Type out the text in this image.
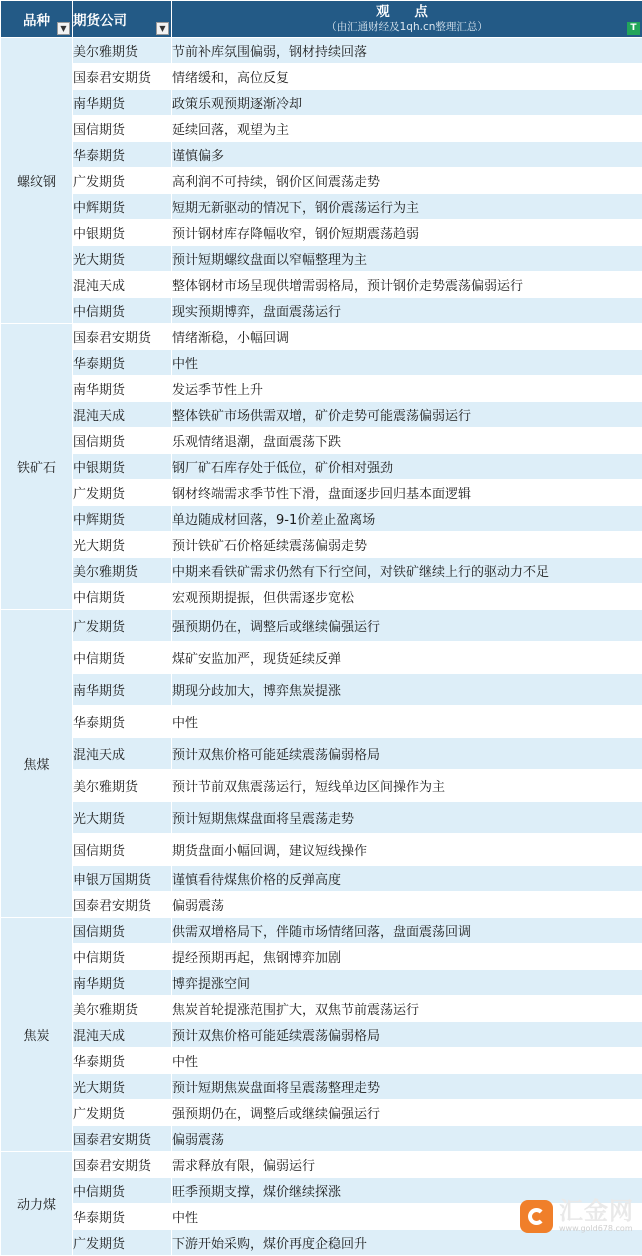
品种 ▼	期货公司 ▼	观 点
（由汇通财经及1qh.cn整理汇总） T

螺纹钢	美尔雅期货	节前补库氛围偏弱，钢材持续回落
	国泰君安期货	情绪缓和，高位反复
	南华期货	政策乐观预期逐渐冷却
	国信期货	延续回落，观望为主
	华泰期货	谨慎偏多
	广发期货	高利润不可持续，钢价区间震荡走势
	中辉期货	短期无新驱动的情况下，钢价震荡运行为主
	中银期货	预计钢材库存降幅收窄，钢价短期震荡趋弱
	光大期货	预计短期螺纹盘面以窄幅整理为主
	混沌天成	整体钢材市场呈现供增需弱格局，预计钢价走势震荡偏弱运行
	中信期货	现实预期博弈，盘面震荡运行
铁矿石	国泰君安期货	情绪渐稳，小幅回调
	华泰期货	中性
	南华期货	发运季节性上升
	混沌天成	整体铁矿市场供需双增，矿价走势可能震荡偏弱运行
	国信期货	乐观情绪退潮，盘面震荡下跌
	中银期货	钢厂矿石库存处于低位，矿价相对强劲
	广发期货	钢材终端需求季节性下滑，盘面逐步回归基本面逻辑
	中辉期货	单边随成材回落，9-1价差止盈离场
	光大期货	预计铁矿石价格延续震荡偏弱走势
	美尔雅期货	中期来看铁矿需求仍然有下行空间，对铁矿继续上行的驱动力不足
	中信期货	宏观预期提振，但供需逐步宽松
焦煤	广发期货	强预期仍在，调整后或继续偏强运行
	中信期货	煤矿安监加严，现货延续反弹
	南华期货	期现分歧加大，博弈焦炭提涨
	华泰期货	中性
	混沌天成	预计双焦价格可能延续震荡偏弱格局
	美尔雅期货	预计节前双焦震荡运行，短线单边区间操作为主
	光大期货	预计短期焦煤盘面将呈震荡走势
	国信期货	期货盘面小幅回调，建议短线操作
	申银万国期货	谨慎看待煤焦价格的反弹高度
	国泰君安期货	偏弱震荡
焦炭	国信期货	供需双增格局下，伴随市场情绪回落，盘面震荡回调
	中信期货	提经预期再起，焦钢博弈加剧
	南华期货	博弈提涨空间
	美尔雅期货	焦炭首轮提涨范围扩大，双焦节前震荡运行
	混沌天成	预计双焦价格可能延续震荡偏弱格局
	华泰期货	中性
	光大期货	预计短期焦炭盘面将呈震荡整理走势
	广发期货	强预期仍在，调整后或继续偏强运行
	国泰君安期货	偏弱震荡
动力煤	国泰君安期货	需求释放有限，偏弱运行
	中信期货	旺季预期支撑，煤价继续探涨
	华泰期货	中性
	广发期货	下游开始采购，煤价再度企稳回升
汇金网
www.gold678.com
